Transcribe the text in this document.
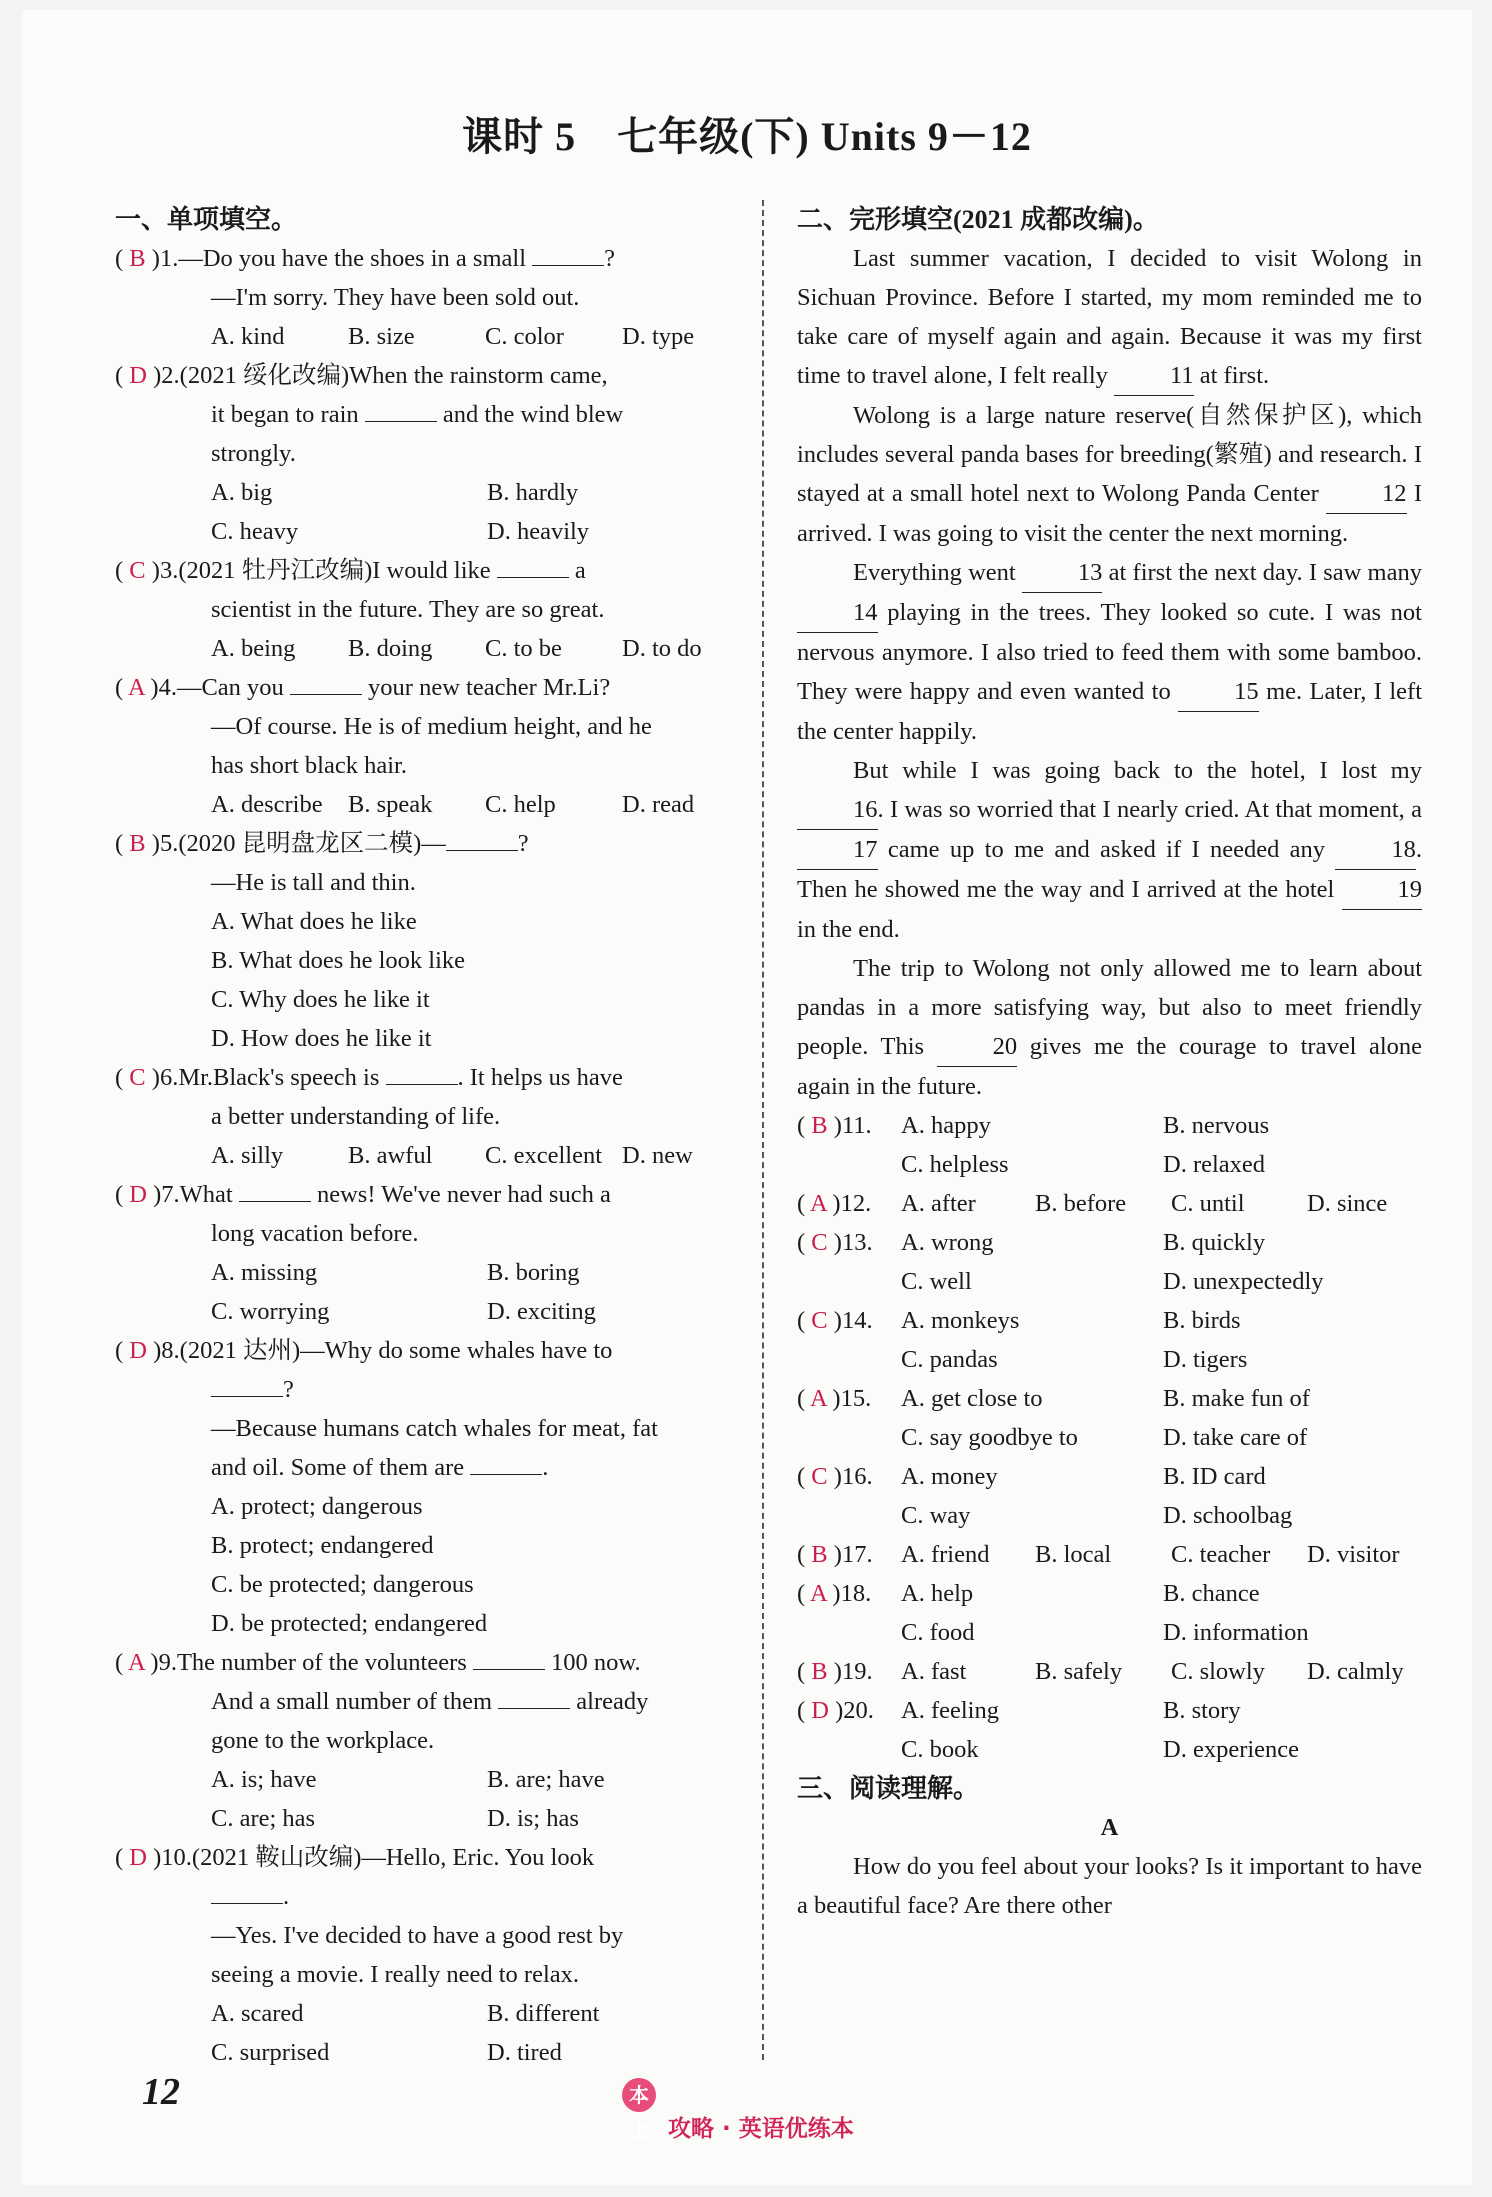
课时 5　七年级(下) Units 9－12
一、单项填空。
( B )1.—Do you have the shoes in a small	?
—I'm sorry. They have been sold out.
A. kind	B. size	C. color	D. type
( D )2.(2021 绥化改编)When the rainstorm came,
it began to rain	and the wind blew
strongly.
A. big	B. hardly
C. heavy	D. heavily
( C )3.(2021 牡丹江改编)I would like	a
scientist in the future. They are so great.
A. being	B. doing	C. to be	D. to do
( A )4.—Can you	your new teacher Mr.Li?
—Of course. He is of medium height, and he
has short black hair.
A. describe	B. speak	C. help	D. read
( B )5.(2020 昆明盘龙区二模)—	?
—He is tall and thin.
A. What does he like
B. What does he look like
C. Why does he like it
D. How does he like it
( C )6.Mr.Black's speech is	. It helps us have
a better understanding of life.
A. silly	B. awful	C. excellent D. new
( D )7.What	news! We've never had such a
long vacation before.
A. missing	B. boring
C. worrying	D. exciting
( D )8.(2021 达州)—Why do some whales have to
?
—Because humans catch whales for meat, fat
and oil. Some of them are	.
A. protect; dangerous
B. protect; endangered
C. be protected; dangerous
D. be protected; endangered
( A )9.The number of the volunteers	100 now.
And a small number of them	already
gone to the workplace.
A. is; have	B. are; have
C. are; has	D. is; has
( D )10.(2021 鞍山改编)—Hello, Eric. You look
.
—Yes. I've decided to have a good rest by
seeing a movie. I really need to relax.
A. scared	B. different
C. surprised	D. tired
二、完形填空(2021 成都改编)。

Last summer vacation, I decided to visit Wolong in Sichuan Province. Before I started, my mom reminded me to take care of myself again and again. Because it was my first time to travel alone, I felt really 11 at first.

Wolong is a large nature reserve(自然保护区), which includes several panda bases for breeding(繁殖) and research. I stayed at a small hotel next to Wolong Panda Center 12 I arrived. I was going to visit the center the next morning.

Everything went 13 at first the next day. I saw many 14 playing in the trees. They looked so cute. I was not nervous anymore. I also tried to feed them with some bamboo. They were happy and even wanted to 15 me. Later, I left the center happily.

But while I was going back to the hotel, I lost my 16. I was so worried that I nearly cried. At that moment, a 17 came up to me and asked if I needed any 18. Then he showed me the way and I arrived at the hotel 19 in the end.

The trip to Wolong not only allowed me to learn about pandas in a more satisfying way, but also to meet friendly people. This 20 gives me the courage to travel alone again in the future.

( B )11.	A. happy	B. nervous
C. helpless	D. relaxed
( A )12.	A. after	B. before	C. until	D. since
( C )13.	A. wrong	B. quickly
C. well	D. unexpectedly
( C )14.	A. monkeys	B. birds
C. pandas	D. tigers
( A )15.	A. get close to	B. make fun of
C. say goodbye to	D. take care of
( C )16.	A. money	B. ID card
C. way	D. schoolbag
( B )17.	A. friend	B. local	C. teacher	D. visitor
( A )18.	A. help	B. chance
C. food	D. information
( B )19.	A. fast	B. safely	C. slowly	D. calmly
( D )20.	A. feeling	B. story
C. book	D. experience
三、阅读理解。
A

How do you feel about your looks? Is it important to have a beautiful face? Are there other

12	本土 攻略 · 英语优练本
